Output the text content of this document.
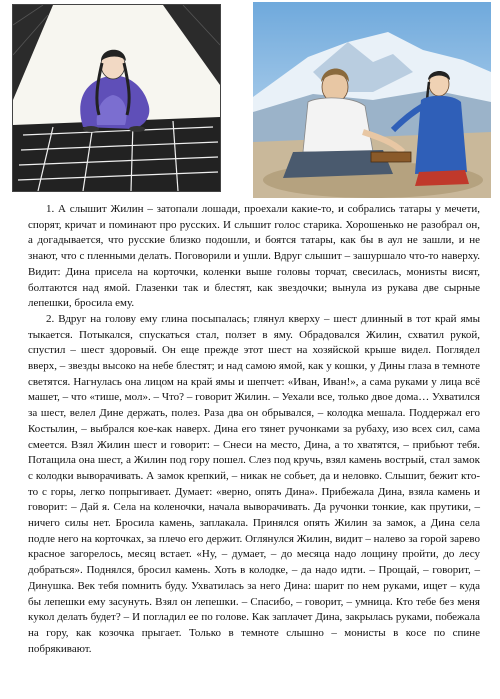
1. А слышит Жилин – затопали лошади, проехали какие-то, и собрались татары у мечети, спорят, кричат и поминают про русских. И слышит голос старика. Хорошенько не разобрал он, а догадывается, что русские близко подошли, и боятся татары, как бы в аул не зашли, и не знают, что с пленными делать. Поговорили и ушли. Вдруг слышит – зашуршало что-то наверху. Видит: Дина присела на корточки, коленки выше головы торчат, свесилась, мониsты висят, болтаются над ямой. Глазенки так и блестят, как звездочки; вынула из рукава две сырные лепешки, бросила ему.

2. Вдруг на голову ему глина посыпалась; глянул кверху – шест длинный в тот край ямы тыкается. Потыкался, спускаться стал, ползет в яму. Обрадовался Жилин, схватил рукой, спустил – шест здоровый. Он еще прежде этот шест на хозяйской крыше видел. Поглядел вверх, – звезды высоко на небе блестят; и над самою ямой, как у кошки, у Дины глаза в темноте светятся. Нагнулась она лицом на край ямы и шепчет: «Иван, Иван!», а сама руками у лица всё машет, – что «тише, мол». – Что? – говорит Жилин. – Уехали все, только двое дома… Ухватился за шест, велел Дине держать, полез. Раза два он обрывался, – колодка мешала. Поддержал его Костылин, – выбрался кое-как наверх. Дина его тянет ручонками за рубаху, изо всех сил, сама смеется. Взял Жилин шест и говорит: – Снеси на место, Дина, а то хватятся, – прибьют тебя. Потащила она шест, а Жилин под гору пошел. Слез под кручь, взял камень вострый, стал замок с колодки выворачивать. А замок крепкий, – никак не собьет, да и неловко. Слышит, бежит кто-то с горы, легко попрыгивает. Думает: «верно, опять Дина». Прибежала Дина, взяла камень и говорит: – Дай я. Села на коленочки, начала выворачивать. Да ручонки тонкие, как прутики, – ничего силы нет. Бросила камень, заплакала. Принялся опять Жилин за замок, а Дина села подле него на корточках, за плечо его держит. Оглянулся Жилин, видит – налево за горой зарево красное загорелось, месяц встает. «Ну, – думает, – до месяца надо лощину пройти, до лесу добраться». Поднялся, бросил камень. Хоть в колодке, – да надо идти. – Прощай, – говорит, – Динушка. Век тебя помнить буду. Ухватилась за него Дина: шарит по нем руками, ищет – куда бы лепешки ему засунуть. Взял он лепешки. – Спасибо, – говорит, – умница. Кто тебе без меня кукол делать будет? – И погладил ее по голове. Как заплачет Дина, закрылась руками, побежала на гору, как козочка прыгает. Только в темноте слышно – монисты в косе по спине побрякивают.
